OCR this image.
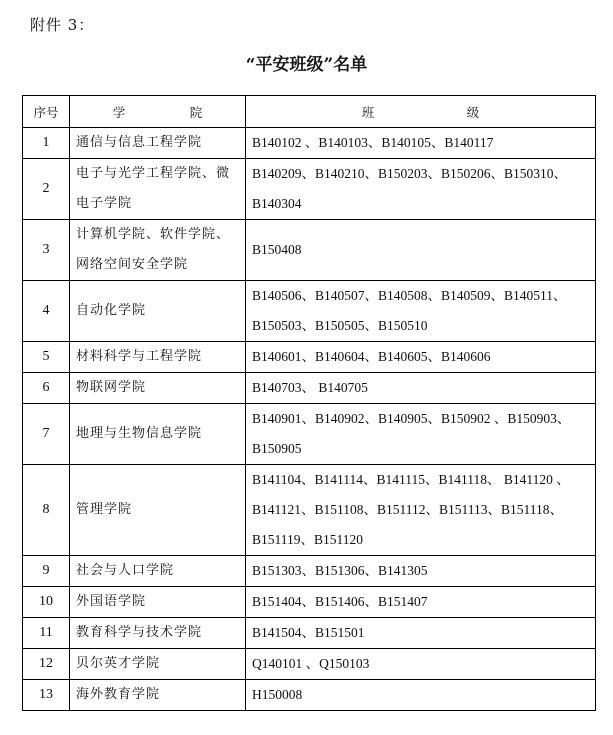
附件 3：
“平安班级”名单
序号	学　院	班　级
1	通信与信息工程学院	B140102 、B140103、B140105、B140117
2	电子与光学工程学院、微电子学院	B140209、B140210、B150203、B150206、B150310、B140304
3	计算机学院、软件学院、网络空间安全学院	B150408
4	自动化学院	B140506、B140507、B140508、B140509、B140511、B150503、B150505、B150510
5	材料科学与工程学院	B140601、B140604、B140605、B140606
6	物联网学院	B140703、 B140705
7	地理与生物信息学院	B140901、B140902、B140905、B150902 、B150903、B150905
8	管理学院	B141104、B141114、B141115、B141118、 B141120 、B141121、B151108、B151112、B151113、B151118、B151119、B151120
9	社会与人口学院	B151303、B151306、B141305
10	外国语学院	B151404、B151406、B151407
11	教育科学与技术学院	B141504、B151501
12	贝尔英才学院	Q140101 、Q150103
13	海外教育学院	H150008
